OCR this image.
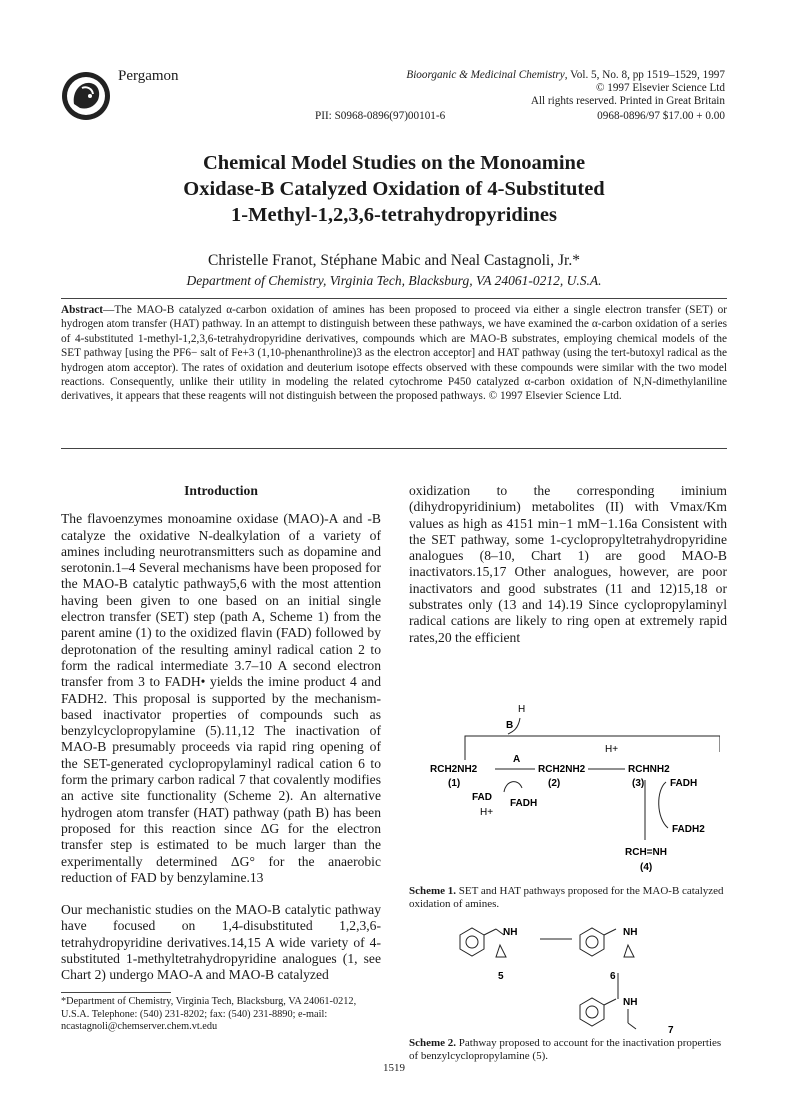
Pergamon	Bioorganic & Medicinal Chemistry, Vol. 5, No. 8, pp 1519–1529, 1997
© 1997 Elsevier Science Ltd
All rights reserved. Printed in Great Britain
PII: S0968-0896(97)00101-6	0968-0896/97 $17.00 + 0.00
Chemical Model Studies on the Monoamine
Oxidase-B Catalyzed Oxidation of 4-Substituted
1-Methyl-1,2,3,6-tetrahydropyridines
Christelle Franot, Stéphane Mabic and Neal Castagnoli, Jr.*
Department of Chemistry, Virginia Tech, Blacksburg, VA 24061-0212, U.S.A.
Abstract—The MAO-B catalyzed α-carbon oxidation of amines has been proposed to proceed via either a single electron transfer (SET) or hydrogen atom transfer (HAT) pathway. In an attempt to distinguish between these pathways, we have examined the α-carbon oxidation of a series of 4-substituted 1-methyl-1,2,3,6-tetrahydropyridine derivatives, compounds which are MAO-B substrates, employing chemical models of the SET pathway [using the PF6− salt of Fe+3 (1,10-phenanthroline)3 as the electron acceptor] and HAT pathway (using the tert-butoxyl radical as the hydrogen atom acceptor). The rates of oxidation and deuterium isotope effects observed with these compounds were similar with the two model reactions. Consequently, unlike their utility in modeling the related cytochrome P450 catalyzed α-carbon oxidation of N,N-dimethylaniline derivatives, it appears that these reagents will not distinguish between the proposed pathways. © 1997 Elsevier Science Ltd.
Introduction

The flavoenzymes monoamine oxidase (MAO)-A and -B catalyze the oxidative N-dealkylation of a variety of amines including neurotransmitters such as dopamine and serotonin.1–4 Several mechanisms have been proposed for the MAO-B catalytic pathway5,6 with the most attention having been given to one based on an initial single electron transfer (SET) step (path A, Scheme 1) from the parent amine (1) to the oxidized flavin (FAD) followed by deprotonation of the resulting aminyl radical cation 2 to form the radical intermediate 3.7–10 A second electron transfer from 3 to FADH• yields the imine product 4 and FADH2. This proposal is supported by the mechanism-based inactivator properties of compounds such as benzylcyclopropylamine (5).11,12 The inactivation of MAO-B presumably proceeds via rapid ring opening of the SET-generated cyclopropylaminyl radical cation 6 to form the primary carbon radical 7 that covalently modifies an active site functionality (Scheme 2). An alternative hydrogen atom transfer (HAT) pathway (path B) has been proposed for this reaction since ΔG for the electron transfer step is estimated to be much larger than the experimentally determined ΔG° for the anaerobic reduction of FAD by benzylamine.13

Our mechanistic studies on the MAO-B catalytic pathway have focused on 1,4-disubstituted 1,2,3,6-tetrahydropyridine derivatives.14,15 A wide variety of 4-substituted 1-methyltetrahydropyridine analogues (1, see Chart 2) undergo MAO-A and MAO-B catalyzed

oxidization to the corresponding iminium (dihydropyridinium) metabolites (II) with Vmax/Km values as high as 4151 min−1 mM−1.16a Consistent with the SET pathway, some 1-cyclopropyltetrahydropyridine analogues (8–10, Chart 1) are good MAO-B inactivators.15,17 Other analogues, however, are poor inactivators and good substrates (11 and 12)15,18 or substrates only (13 and 14).19 Since cyclopropylaminyl radical cations are likely to ring open at extremely rapid rates,20 the efficient

H
B
H+
RCH2NH2
A
RCH2NH2	RCHNH2
(1)	(2)	(3)
FAD
FADH
H+
FADH
FADH2
RCH=NH
(4)
Scheme 1. SET and HAT pathways proposed for the MAO-B catalyzed oxidation of amines.
NH
5
NH
6
NH
7
Scheme 2. Pathway proposed to account for the inactivation properties of benzylcyclopropylamine (5).
*Department of Chemistry, Virginia Tech, Blacksburg, VA 24061-0212, U.S.A. Telephone: (540) 231-8202; fax: (540) 231-8890; e-mail: ncastagnoli@chemserver.chem.vt.edu
1519
